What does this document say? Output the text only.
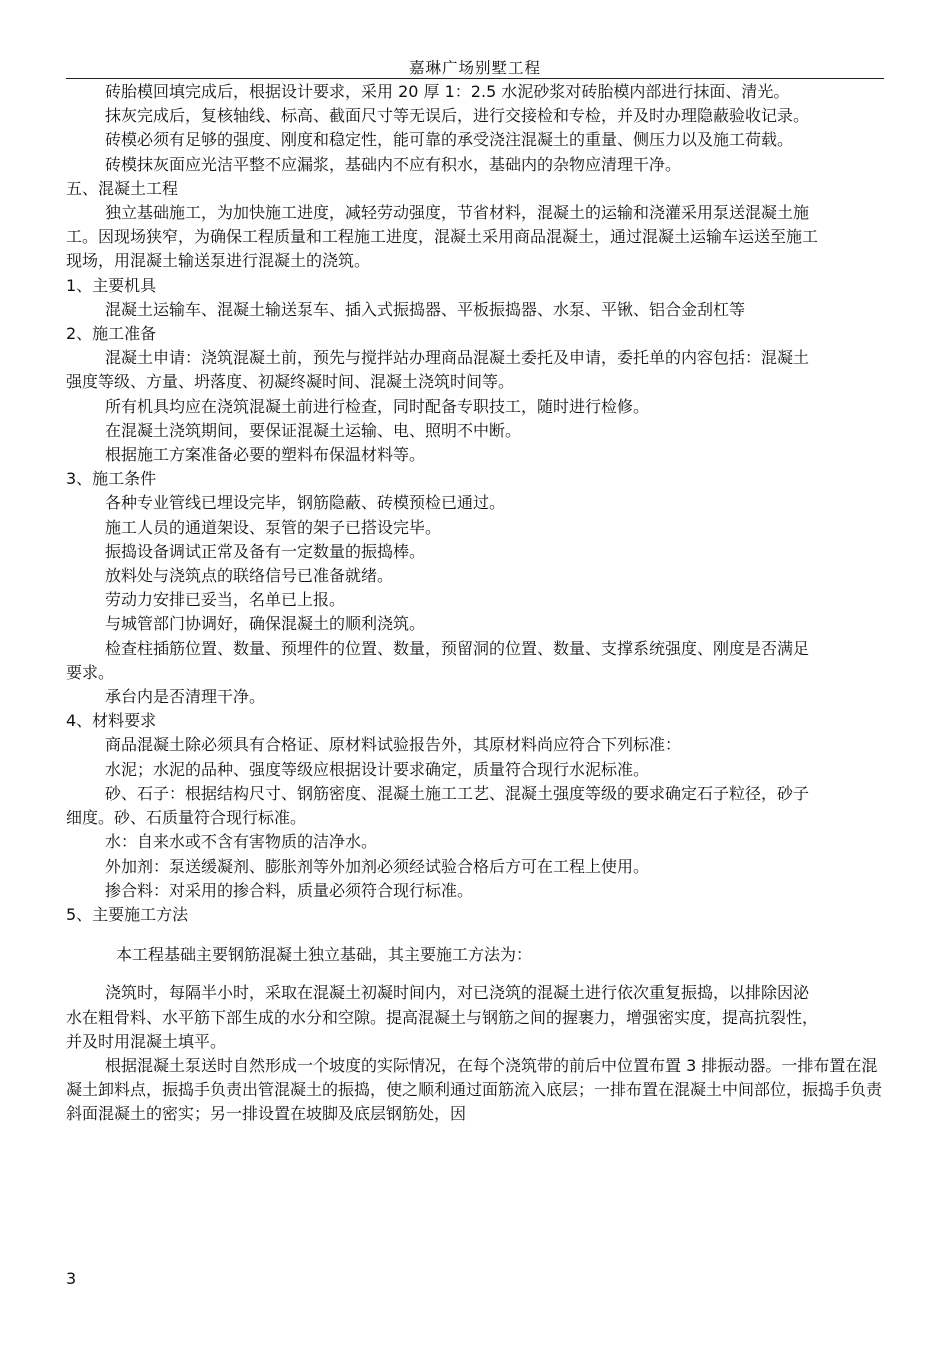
嘉琳广场别墅工程

砖胎模回填完成后，根据设计要求，采用 20 厚 1：2.5 水泥砂浆对砖胎模内部进行抹面、清光。

抹灰完成后，复核轴线、标高、截面尺寸等无误后，进行交接检和专检，并及时办理隐蔽验收记录。

砖模必须有足够的强度、刚度和稳定性，能可靠的承受浇注混凝土的重量、侧压力以及施工荷载。

砖模抹灰面应光洁平整不应漏浆，基础内不应有积水，基础内的杂物应清理干净。

五、混凝土工程

独立基础施工，为加快施工进度，减轻劳动强度，节省材料，混凝土的运输和浇灌采用泵送混凝土施工。因现场狭窄，为确保工程质量和工程施工进度，混凝土采用商品混凝土，通过混凝土运输车运送至施工现场，用混凝土输送泵进行混凝土的浇筑。

1、主要机具

混凝土运输车、混凝土输送泵车、插入式振捣器、平板振捣器、水泵、平锹、铝合金刮杠等

2、施工准备

混凝土申请：浇筑混凝土前，预先与搅拌站办理商品混凝土委托及申请，委托单的内容包括：混凝土强度等级、方量、坍落度、初凝终凝时间、混凝土浇筑时间等。

所有机具均应在浇筑混凝土前进行检查，同时配备专职技工，随时进行检修。

在混凝土浇筑期间，要保证混凝土运输、电、照明不中断。

根据施工方案准备必要的塑料布保温材料等。

3、施工条件

各种专业管线已埋设完毕，钢筋隐蔽、砖模预检已通过。

施工人员的通道架设、泵管的架子已搭设完毕。

振捣设备调试正常及备有一定数量的振捣棒。

放料处与浇筑点的联络信号已准备就绪。

劳动力安排已妥当，名单已上报。

与城管部门协调好，确保混凝土的顺利浇筑。

检查柱插筋位置、数量、预埋件的位置、数量，预留洞的位置、数量、支撑系统强度、刚度是否满足要求。

承台内是否清理干净。

4、材料要求

商品混凝土除必须具有合格证、原材料试验报告外，其原材料尚应符合下列标准：

水泥；水泥的品种、强度等级应根据设计要求确定，质量符合现行水泥标准。

砂、石子：根据结构尺寸、钢筋密度、混凝土施工工艺、混凝土强度等级的要求确定石子粒径，砂子细度。砂、石质量符合现行标准。

水：自来水或不含有害物质的洁净水。

外加剂：泵送缓凝剂、膨胀剂等外加剂必须经试验合格后方可在工程上使用。

掺合料：对采用的掺合料，质量必须符合现行标准。

5、主要施工方法

本工程基础主要钢筋混凝土独立基础，其主要施工方法为：

浇筑时，每隔半小时，采取在混凝土初凝时间内，对已浇筑的混凝土进行依次重复振捣，以排除因泌水在粗骨料、水平筋下部生成的水分和空隙。提高混凝土与钢筋之间的握裹力，增强密实度，提高抗裂性，并及时用混凝土填平。

根据混凝土泵送时自然形成一个坡度的实际情况，在每个浇筑带的前后中位置布置 3 排振动器。一排布置在混凝土卸料点，振捣手负责出管混凝土的振捣，使之顺利通过面筋流入底层；一排布置在混凝土中间部位，振捣手负责斜面混凝土的密实；另一排设置在坡脚及底层钢筋处，因

3
